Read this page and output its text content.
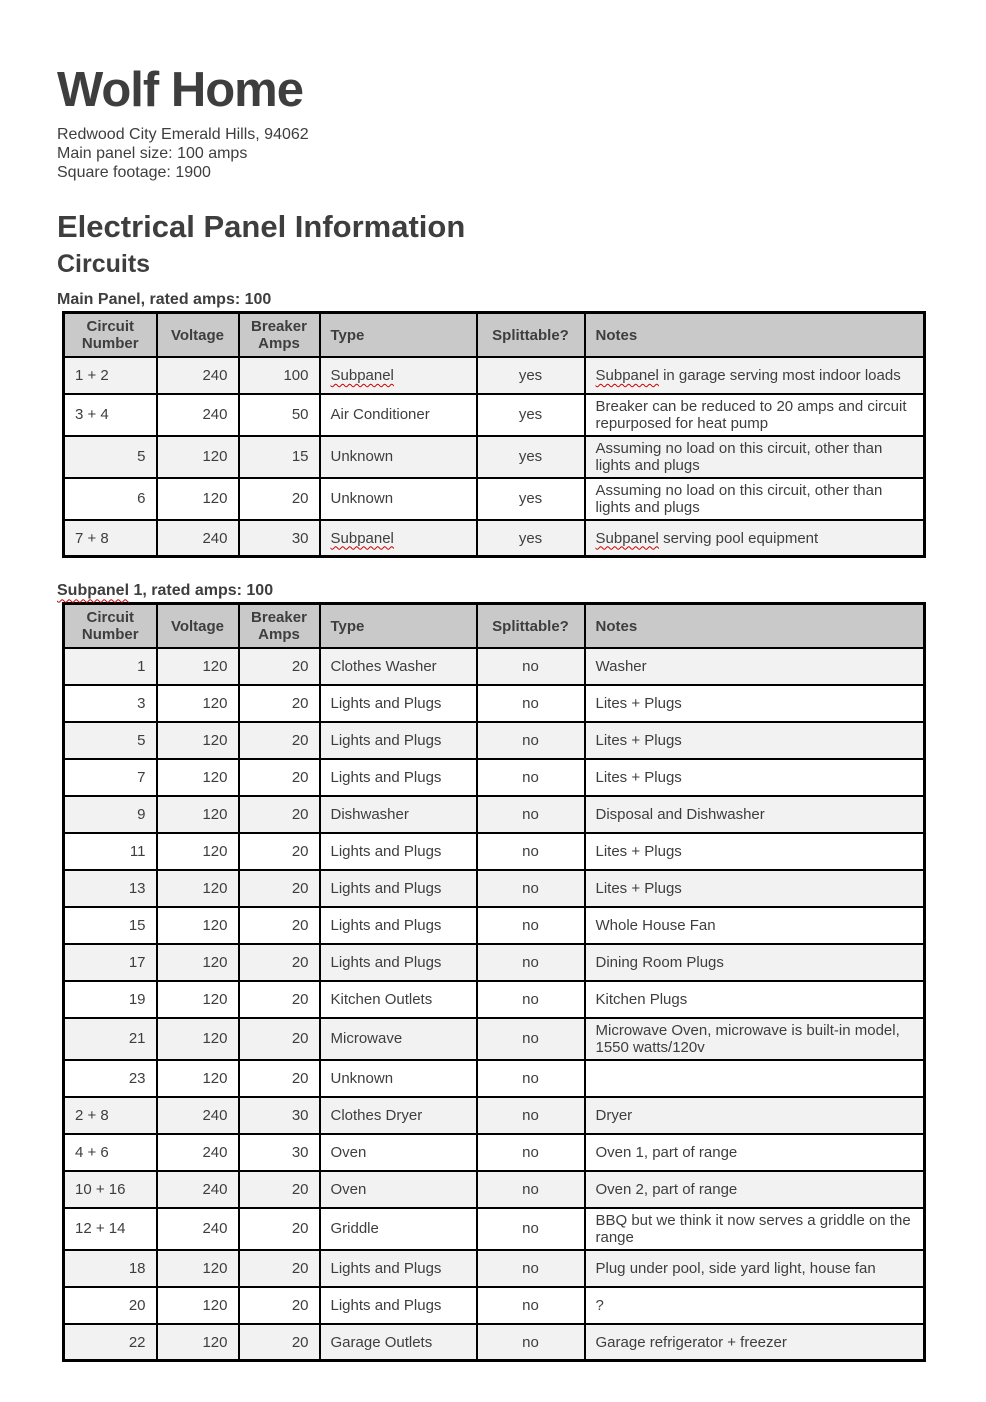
Wolf Home
Redwood City Emerald Hills, 94062
Main panel size: 100 amps
Square footage: 1900
Electrical Panel Information
Circuits
Main Panel, rated amps: 100
Circuit Number	Voltage	Breaker Amps	Type	Splittable?	Notes
1 + 2	240	100	Subpanel	yes	Subpanel in garage serving most indoor loads
3 + 4	240	50	Air Conditioner	yes	Breaker can be reduced to 20 amps and circuit repurposed for heat pump
5	120	15	Unknown	yes	Assuming no load on this circuit, other than lights and plugs
6	120	20	Unknown	yes	Assuming no load on this circuit, other than lights and plugs
7 + 8	240	30	Subpanel	yes	Subpanel serving pool equipment
Subpanel 1, rated amps: 100
Circuit Number	Voltage	Breaker Amps	Type	Splittable?	Notes
1	120	20	Clothes Washer	no	Washer
3	120	20	Lights and Plugs	no	Lites + Plugs
5	120	20	Lights and Plugs	no	Lites + Plugs
7	120	20	Lights and Plugs	no	Lites + Plugs
9	120	20	Dishwasher	no	Disposal and Dishwasher
11	120	20	Lights and Plugs	no	Lites + Plugs
13	120	20	Lights and Plugs	no	Lites + Plugs
15	120	20	Lights and Plugs	no	Whole House Fan
17	120	20	Lights and Plugs	no	Dining Room Plugs
19	120	20	Kitchen Outlets	no	Kitchen Plugs
21	120	20	Microwave	no	Microwave Oven, microwave is built-in model, 1550 watts/120v
23	120	20	Unknown	no	
2 + 8	240	30	Clothes Dryer	no	Dryer
4 + 6	240	30	Oven	no	Oven 1, part of range
10 + 16	240	20	Oven	no	Oven 2, part of range
12 + 14	240	20	Griddle	no	BBQ but we think it now serves a griddle on the range
18	120	20	Lights and Plugs	no	Plug under pool, side yard light, house fan
20	120	20	Lights and Plugs	no	?
22	120	20	Garage Outlets	no	Garage refrigerator + freezer
